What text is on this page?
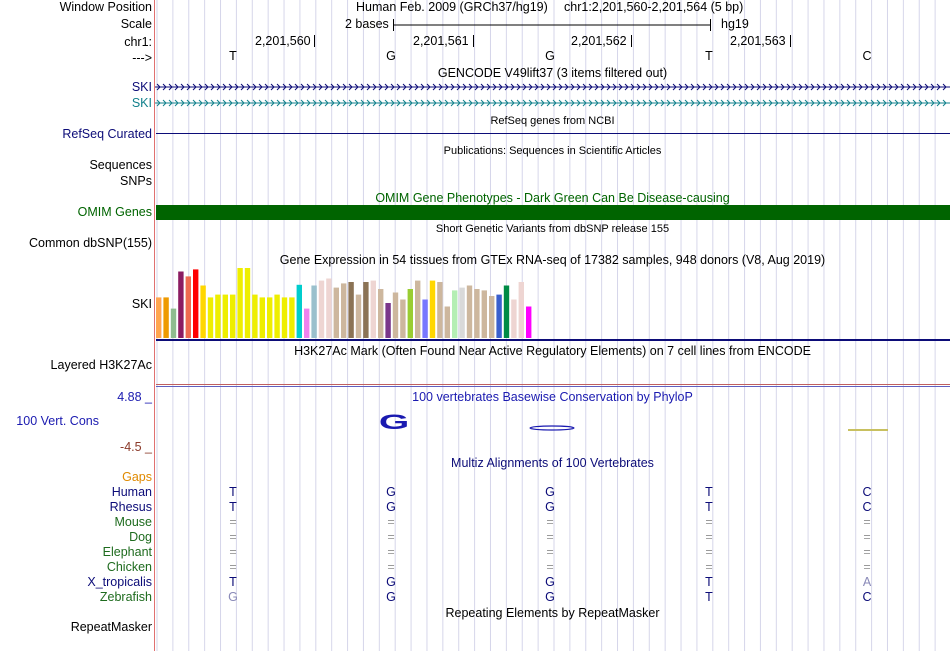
Window Position	Human Feb. 2009 (GRCh37/hg19) chr1:2,201,560-2,201,564 (5 bp)
Scale	2 bases	hg19
chr1:	2,201,560	2,201,561	2,201,562	2,201,563
--->	T	G	G	T	C
GENCODE V49lift37 (3 items filtered out)
SKI
SKI
RefSeq genes from NCBI
RefSeq Curated
Publications: Sequences in Scientific Articles
Sequences
SNPs
OMIM Gene Phenotypes - Dark Green Can Be Disease-causing
OMIM Genes
Short Genetic Variants from dbSNP release 155
Common dbSNP(155)
Gene Expression in 54 tissues from GTEx RNA-seq of 17382 samples, 948 donors (V8, Aug 2019)
SKI
H3K27Ac Mark (Often Found Near Active Regulatory Elements) on 7 cell lines from ENCODE
Layered H3K27Ac
100 vertebrates Basewise Conservation by PhyloP
4.88 _
100 Vert. Cons
-4.5 _
G
Multiz Alignments of 100 Vertebrates
Gaps
Human	T	G	G	T	C
Rhesus	T	G	G	T	C
Mouse	=	=	=	=	=
Dog	=	=	=	=	=
Elephant	=	=	=	=	=
Chicken	=	=	=	=	=
X_tropicalis	T	G	G	T	A
Zebrafish	G	G	G	T	C
Repeating Elements by RepeatMasker
RepeatMasker
